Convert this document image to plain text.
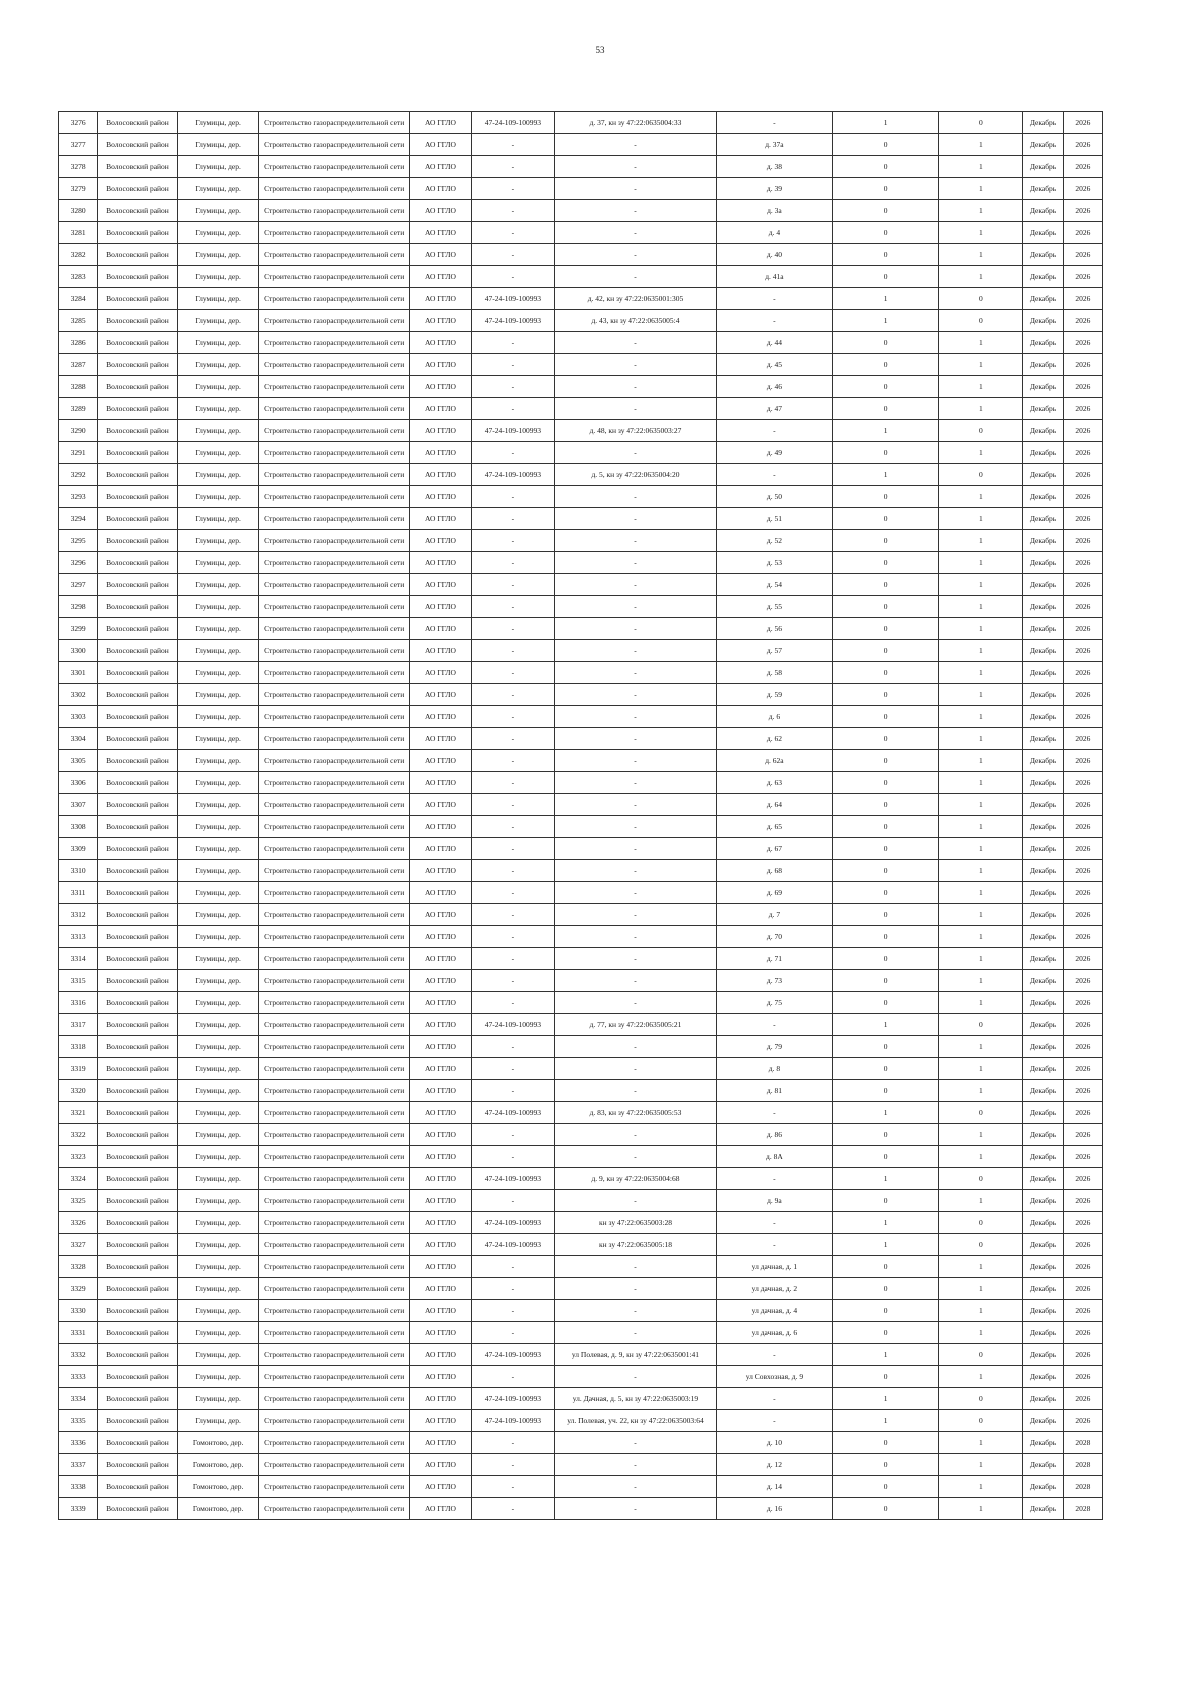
53
3276	Волосовский район	Глумицы, дер.	Строительство газораспределительной сети	АО ГГЛО	47-24-109-100993	д. 37, кн зу 47:22:0635004:33	-	1	0	Декабрь	2026
3277	Волосовский район	Глумицы, дер.	Строительство газораспределительной сети	АО ГГЛО	-	-	д. 37а	0	1	Декабрь	2026
3278	Волосовский район	Глумицы, дер.	Строительство газораспределительной сети	АО ГГЛО	-	-	д. 38	0	1	Декабрь	2026
3279	Волосовский район	Глумицы, дер.	Строительство газораспределительной сети	АО ГГЛО	-	-	д. 39	0	1	Декабрь	2026
3280	Волосовский район	Глумицы, дер.	Строительство газораспределительной сети	АО ГГЛО	-	-	д. 3а	0	1	Декабрь	2026
3281	Волосовский район	Глумицы, дер.	Строительство газораспределительной сети	АО ГГЛО	-	-	д. 4	0	1	Декабрь	2026
3282	Волосовский район	Глумицы, дер.	Строительство газораспределительной сети	АО ГГЛО	-	-	д. 40	0	1	Декабрь	2026
3283	Волосовский район	Глумицы, дер.	Строительство газораспределительной сети	АО ГГЛО	-	-	д. 41а	0	1	Декабрь	2026
3284	Волосовский район	Глумицы, дер.	Строительство газораспределительной сети	АО ГГЛО	47-24-109-100993	д. 42, кн зу 47:22:0635001:305	-	1	0	Декабрь	2026
3285	Волосовский район	Глумицы, дер.	Строительство газораспределительной сети	АО ГГЛО	47-24-109-100993	д. 43, кн зу 47:22:0635005:4	-	1	0	Декабрь	2026
3286	Волосовский район	Глумицы, дер.	Строительство газораспределительной сети	АО ГГЛО	-	-	д. 44	0	1	Декабрь	2026
3287	Волосовский район	Глумицы, дер.	Строительство газораспределительной сети	АО ГГЛО	-	-	д. 45	0	1	Декабрь	2026
3288	Волосовский район	Глумицы, дер.	Строительство газораспределительной сети	АО ГГЛО	-	-	д. 46	0	1	Декабрь	2026
3289	Волосовский район	Глумицы, дер.	Строительство газораспределительной сети	АО ГГЛО	-	-	д. 47	0	1	Декабрь	2026
3290	Волосовский район	Глумицы, дер.	Строительство газораспределительной сети	АО ГГЛО	47-24-109-100993	д. 48, кн зу 47:22:0635003:27	-	1	0	Декабрь	2026
3291	Волосовский район	Глумицы, дер.	Строительство газораспределительной сети	АО ГГЛО	-	-	д. 49	0	1	Декабрь	2026
3292	Волосовский район	Глумицы, дер.	Строительство газораспределительной сети	АО ГГЛО	47-24-109-100993	д. 5, кн зу 47:22:0635004:20	-	1	0	Декабрь	2026
3293	Волосовский район	Глумицы, дер.	Строительство газораспределительной сети	АО ГГЛО	-	-	д. 50	0	1	Декабрь	2026
3294	Волосовский район	Глумицы, дер.	Строительство газораспределительной сети	АО ГГЛО	-	-	д. 51	0	1	Декабрь	2026
3295	Волосовский район	Глумицы, дер.	Строительство газораспределительной сети	АО ГГЛО	-	-	д. 52	0	1	Декабрь	2026
3296	Волосовский район	Глумицы, дер.	Строительство газораспределительной сети	АО ГГЛО	-	-	д. 53	0	1	Декабрь	2026
3297	Волосовский район	Глумицы, дер.	Строительство газораспределительной сети	АО ГГЛО	-	-	д. 54	0	1	Декабрь	2026
3298	Волосовский район	Глумицы, дер.	Строительство газораспределительной сети	АО ГГЛО	-	-	д. 55	0	1	Декабрь	2026
3299	Волосовский район	Глумицы, дер.	Строительство газораспределительной сети	АО ГГЛО	-	-	д. 56	0	1	Декабрь	2026
3300	Волосовский район	Глумицы, дер.	Строительство газораспределительной сети	АО ГГЛО	-	-	д. 57	0	1	Декабрь	2026
3301	Волосовский район	Глумицы, дер.	Строительство газораспределительной сети	АО ГГЛО	-	-	д. 58	0	1	Декабрь	2026
3302	Волосовский район	Глумицы, дер.	Строительство газораспределительной сети	АО ГГЛО	-	-	д. 59	0	1	Декабрь	2026
3303	Волосовский район	Глумицы, дер.	Строительство газораспределительной сети	АО ГГЛО	-	-	д. 6	0	1	Декабрь	2026
3304	Волосовский район	Глумицы, дер.	Строительство газораспределительной сети	АО ГГЛО	-	-	д. 62	0	1	Декабрь	2026
3305	Волосовский район	Глумицы, дер.	Строительство газораспределительной сети	АО ГГЛО	-	-	д. 62а	0	1	Декабрь	2026
3306	Волосовский район	Глумицы, дер.	Строительство газораспределительной сети	АО ГГЛО	-	-	д. 63	0	1	Декабрь	2026
3307	Волосовский район	Глумицы, дер.	Строительство газораспределительной сети	АО ГГЛО	-	-	д. 64	0	1	Декабрь	2026
3308	Волосовский район	Глумицы, дер.	Строительство газораспределительной сети	АО ГГЛО	-	-	д. 65	0	1	Декабрь	2026
3309	Волосовский район	Глумицы, дер.	Строительство газораспределительной сети	АО ГГЛО	-	-	д. 67	0	1	Декабрь	2026
3310	Волосовский район	Глумицы, дер.	Строительство газораспределительной сети	АО ГГЛО	-	-	д. 68	0	1	Декабрь	2026
3311	Волосовский район	Глумицы, дер.	Строительство газораспределительной сети	АО ГГЛО	-	-	д. 69	0	1	Декабрь	2026
3312	Волосовский район	Глумицы, дер.	Строительство газораспределительной сети	АО ГГЛО	-	-	д. 7	0	1	Декабрь	2026
3313	Волосовский район	Глумицы, дер.	Строительство газораспределительной сети	АО ГГЛО	-	-	д. 70	0	1	Декабрь	2026
3314	Волосовский район	Глумицы, дер.	Строительство газораспределительной сети	АО ГГЛО	-	-	д. 71	0	1	Декабрь	2026
3315	Волосовский район	Глумицы, дер.	Строительство газораспределительной сети	АО ГГЛО	-	-	д. 73	0	1	Декабрь	2026
3316	Волосовский район	Глумицы, дер.	Строительство газораспределительной сети	АО ГГЛО	-	-	д. 75	0	1	Декабрь	2026
3317	Волосовский район	Глумицы, дер.	Строительство газораспределительной сети	АО ГГЛО	47-24-109-100993	д. 77, кн зу 47:22:0635005:21	-	1	0	Декабрь	2026
3318	Волосовский район	Глумицы, дер.	Строительство газораспределительной сети	АО ГГЛО	-	-	д. 79	0	1	Декабрь	2026
3319	Волосовский район	Глумицы, дер.	Строительство газораспределительной сети	АО ГГЛО	-	-	д. 8	0	1	Декабрь	2026
3320	Волосовский район	Глумицы, дер.	Строительство газораспределительной сети	АО ГГЛО	-	-	д. 81	0	1	Декабрь	2026
3321	Волосовский район	Глумицы, дер.	Строительство газораспределительной сети	АО ГГЛО	47-24-109-100993	д. 83, кн зу 47:22:0635005:53	-	1	0	Декабрь	2026
3322	Волосовский район	Глумицы, дер.	Строительство газораспределительной сети	АО ГГЛО	-	-	д. 86	0	1	Декабрь	2026
3323	Волосовский район	Глумицы, дер.	Строительство газораспределительной сети	АО ГГЛО	-	-	д. 8А	0	1	Декабрь	2026
3324	Волосовский район	Глумицы, дер.	Строительство газораспределительной сети	АО ГГЛО	47-24-109-100993	д. 9, кн зу 47:22:0635004:68	-	1	0	Декабрь	2026
3325	Волосовский район	Глумицы, дер.	Строительство газораспределительной сети	АО ГГЛО	-	-	д. 9а	0	1	Декабрь	2026
3326	Волосовский район	Глумицы, дер.	Строительство газораспределительной сети	АО ГГЛО	47-24-109-100993	кн зу 47:22:0635003:28	-	1	0	Декабрь	2026
3327	Волосовский район	Глумицы, дер.	Строительство газораспределительной сети	АО ГГЛО	47-24-109-100993	кн зу 47:22:0635005:18	-	1	0	Декабрь	2026
3328	Волосовский район	Глумицы, дер.	Строительство газораспределительной сети	АО ГГЛО	-	-	ул дачная, д. 1	0	1	Декабрь	2026
3329	Волосовский район	Глумицы, дер.	Строительство газораспределительной сети	АО ГГЛО	-	-	ул дачная, д. 2	0	1	Декабрь	2026
3330	Волосовский район	Глумицы, дер.	Строительство газораспределительной сети	АО ГГЛО	-	-	ул дачная, д. 4	0	1	Декабрь	2026
3331	Волосовский район	Глумицы, дер.	Строительство газораспределительной сети	АО ГГЛО	-	-	ул дачная, д. 6	0	1	Декабрь	2026
3332	Волосовский район	Глумицы, дер.	Строительство газораспределительной сети	АО ГГЛО	47-24-109-100993	ул Полевая, д. 9, кн зу 47:22:0635001:41	-	1	0	Декабрь	2026
3333	Волосовский район	Глумицы, дер.	Строительство газораспределительной сети	АО ГГЛО	-	-	ул Совхозная, д. 9	0	1	Декабрь	2026
3334	Волосовский район	Глумицы, дер.	Строительство газораспределительной сети	АО ГГЛО	47-24-109-100993	ул. Дачная, д. 5, кн зу 47:22:0635003:19	-	1	0	Декабрь	2026
3335	Волосовский район	Глумицы, дер.	Строительство газораспределительной сети	АО ГГЛО	47-24-109-100993	ул. Полевая, уч. 22, кн зу 47:22:0635003:64	-	1	0	Декабрь	2026
3336	Волосовский район	Гомонтово, дер.	Строительство газораспределительной сети	АО ГГЛО	-	-	д. 10	0	1	Декабрь	2028
3337	Волосовский район	Гомонтово, дер.	Строительство газораспределительной сети	АО ГГЛО	-	-	д. 12	0	1	Декабрь	2028
3338	Волосовский район	Гомонтово, дер.	Строительство газораспределительной сети	АО ГГЛО	-	-	д. 14	0	1	Декабрь	2028
3339	Волосовский район	Гомонтово, дер.	Строительство газораспределительной сети	АО ГГЛО	-	-	д. 16	0	1	Декабрь	2028
